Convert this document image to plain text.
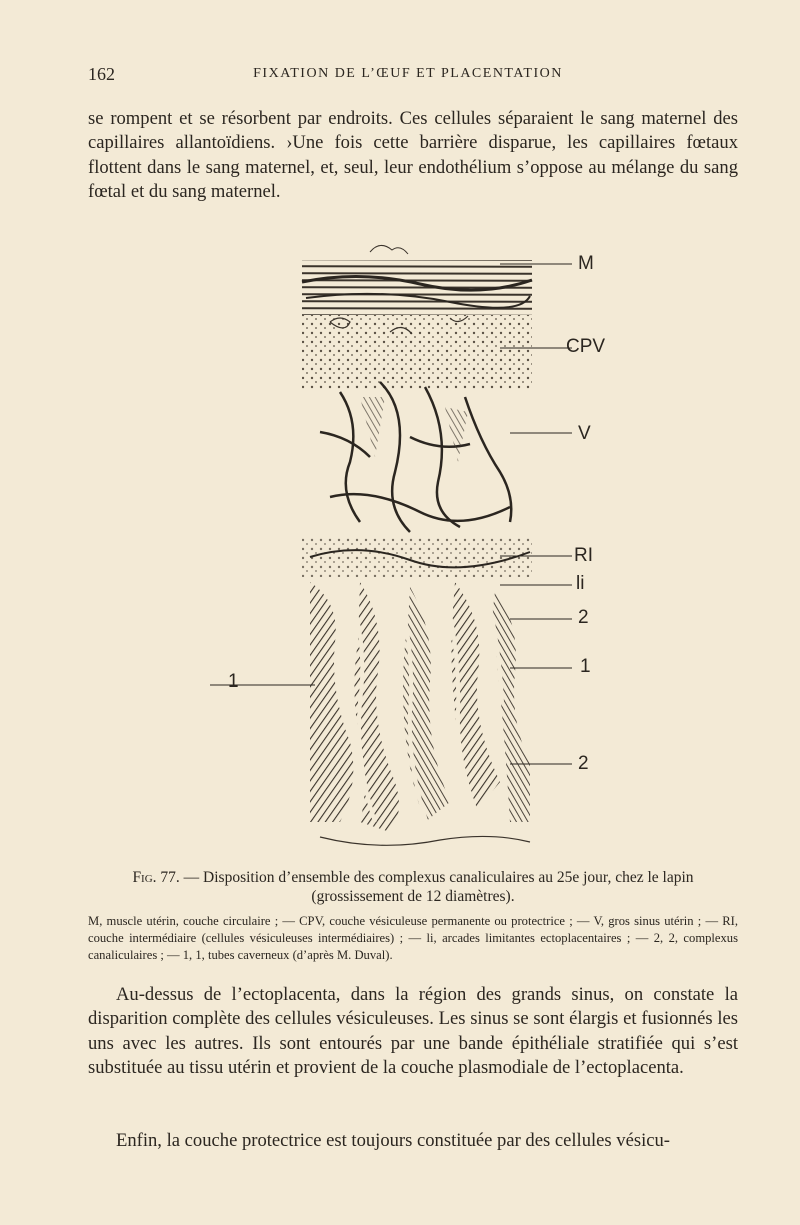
162	FIXATION DE L’ŒUF ET PLACENTATION

se rompent et se résorbent par endroits. Ces cellules séparaient le sang maternel des capillaires allantoïdiens. ›Une fois cette barrière disparue, les capillaires fœtaux flottent dans le sang maternel, et, seul, leur endothélium s’oppose au mélange du sang fœtal et du sang maternel.

M
CPV
V
RI
li
2
1
2
1

Fig. 77. — Disposition d’ensemble des complexus canaliculaires au 25e jour, chez le lapin (grossissement de 12 diamètres).

M, muscle utérin, couche circulaire ; — CPV, couche vésiculeuse permanente ou protectrice ; — V, gros sinus utérin ; — RI, couche intermédiaire (cellules vésiculeuses intermédiaires) ; — li, arcades limitantes ectoplacentaires ; — 2, 2, complexus canaliculaires ; — 1, 1, tubes caverneux (d’après M. Duval).

Au-dessus de l’ectoplacenta, dans la région des grands sinus, on constate la disparition complète des cellules vésiculeuses. Les sinus se sont élargis et fusionnés les uns avec les autres. Ils sont entourés par une bande épithéliale stratifiée qui s’est substituée au tissu utérin et provient de la couche plasmodiale de l’ectoplacenta.

Enfin, la couche protectrice est toujours constituée par des cellules vésicu-
